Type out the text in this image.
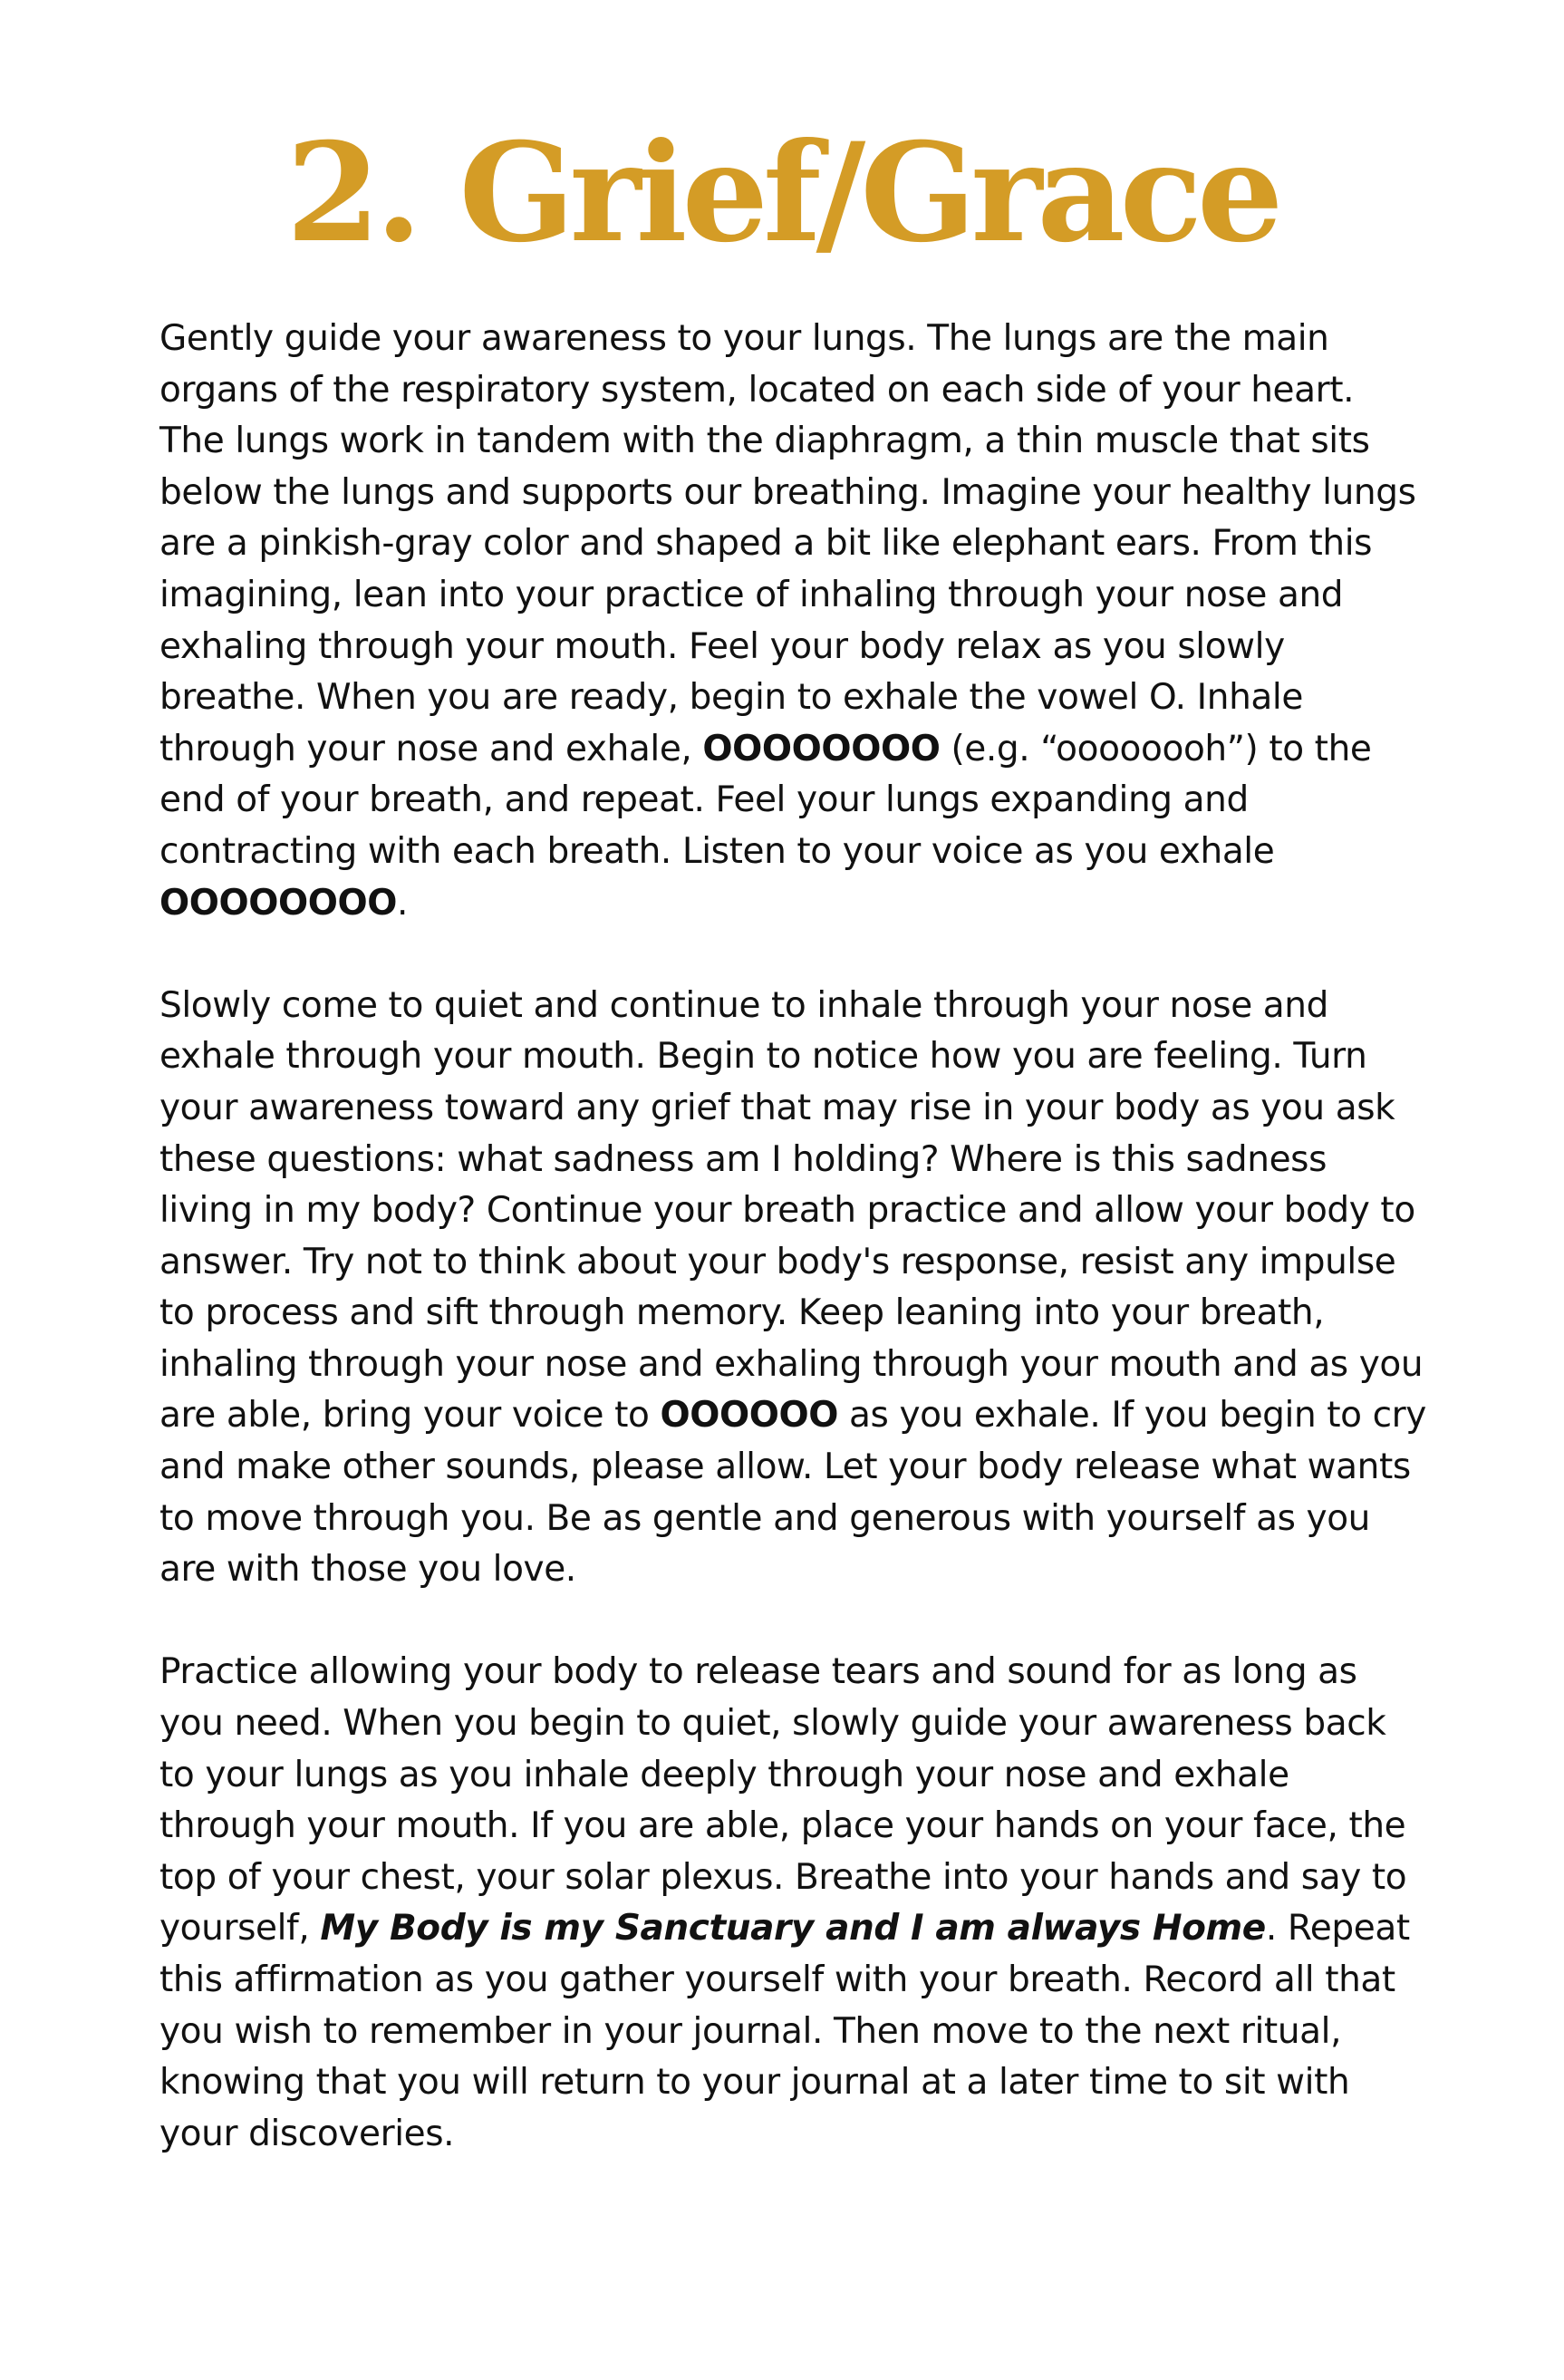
2. Grief/Grace

Gently guide your awareness to your lungs. The lungs are the main organs of the respiratory system, located on each side of your heart. The lungs work in tandem with the diaphragm, a thin muscle that sits below the lungs and supports our breathing. Imagine your healthy lungs are a pinkish-gray color and shaped a bit like elephant ears. From this imagining, lean into your practice of inhaling through your nose and exhaling through your mouth. Feel your body relax as you slowly breathe. When you are ready, begin to exhale the vowel O. Inhale through your nose and exhale, OOOOOOOO (e.g. “oooooooh”) to the end of your breath, and repeat. Feel your lungs expanding and contracting with each breath. Listen to your voice as you exhale OOOOOOOO.

Slowly come to quiet and continue to inhale through your nose and exhale through your mouth. Begin to notice how you are feeling. Turn your awareness toward any grief that may rise in your body as you ask these questions: what sadness am I holding? Where is this sadness living in my body? Continue your breath practice and allow your body to answer. Try not to think about your body's response, resist any impulse to process and sift through memory. Keep leaning into your breath, inhaling through your nose and exhaling through your mouth and as you are able, bring your voice to OOOOOO as you exhale. If you begin to cry and make other sounds, please allow. Let your body release what wants to move through you. Be as gentle and generous with yourself as you are with those you love.

Practice allowing your body to release tears and sound for as long as you need. When you begin to quiet, slowly guide your awareness back to your lungs as you inhale deeply through your nose and exhale through your mouth. If you are able, place your hands on your face, the top of your chest, your solar plexus. Breathe into your hands and say to yourself, My Body is my Sanctuary and I am always Home. Repeat this affirmation as you gather yourself with your breath. Record all that you wish to remember in your journal. Then move to the next ritual, knowing that you will return to your journal at a later time to sit with your discoveries.
